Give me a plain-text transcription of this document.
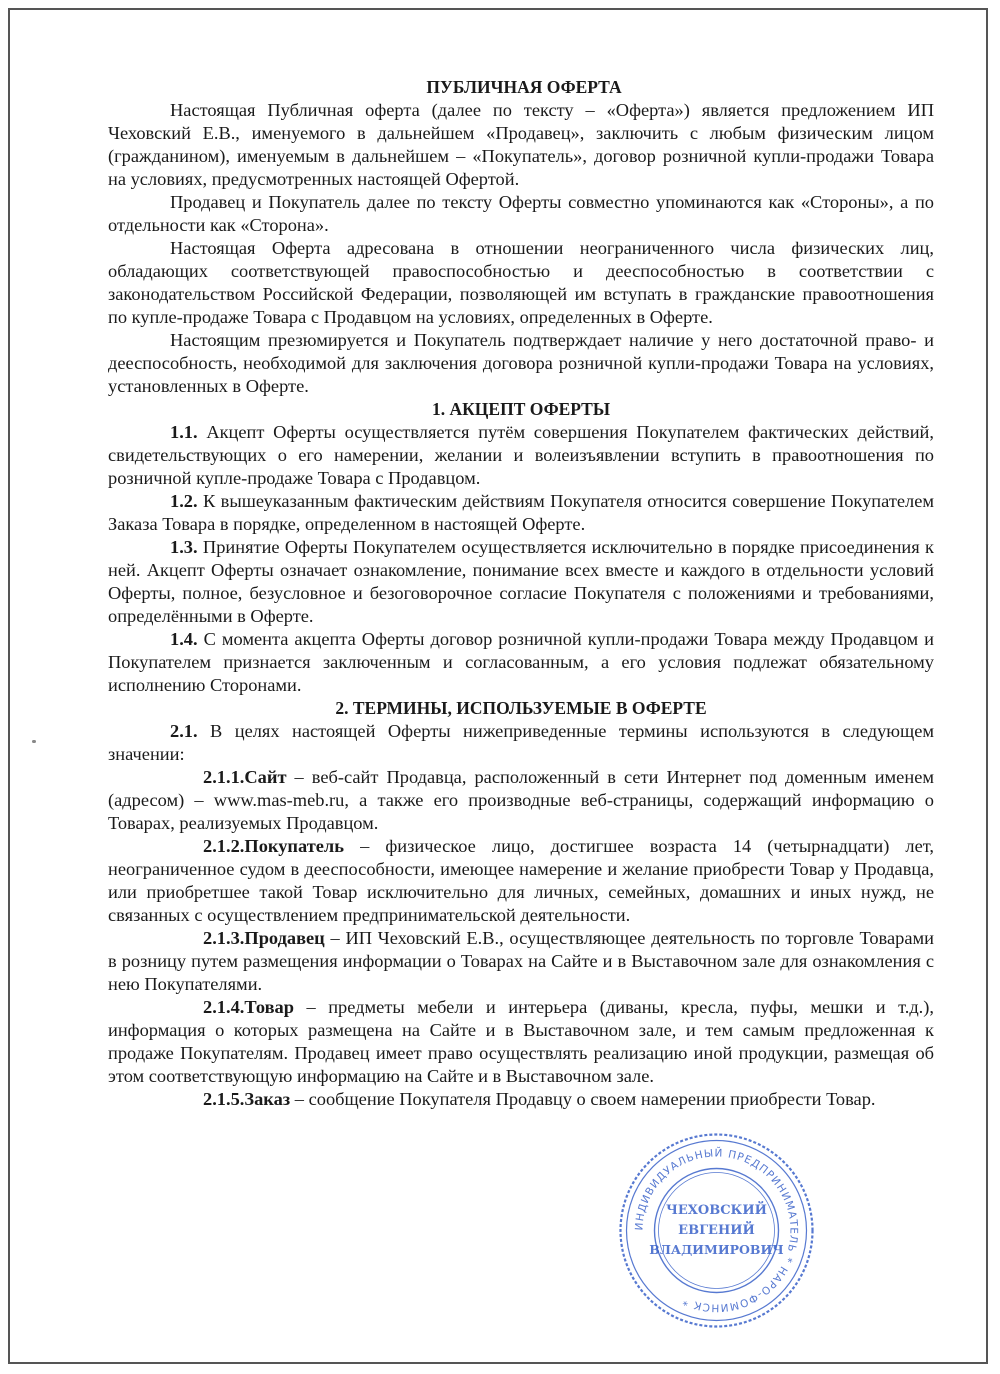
ПУБЛИЧНАЯ ОФЕРТА

Настоящая Публичная оферта (далее по тексту – «Оферта») является предложением ИП Чеховский Е.В., именуемого в дальнейшем «Продавец», заключить с любым физическим лицом (гражданином), именуемым в дальнейшем – «Покупатель», договор розничной купли-продажи Товара на условиях, предусмотренных настоящей Офертой.

Продавец и Покупатель далее по тексту Оферты совместно упоминаются как «Стороны», а по отдельности как «Сторона».

Настоящая Оферта адресована в отношении неограниченного числа физических лиц, обладающих соответствующей правоспособностью и дееспособностью в соответствии с законодательством Российской Федерации, позволяющей им вступать в гражданские правоотношения по купле-продаже Товара с Продавцом на условиях, определенных в Оферте.

Настоящим презюмируется и Покупатель подтверждает наличие у него достаточной право- и дееспособность, необходимой для заключения договора розничной купли-продажи Товара на условиях, установленных в Оферте.

1. АКЦЕПТ ОФЕРТЫ

1.1. Акцепт Оферты осуществляется путём совершения Покупателем фактических действий, свидетельствующих о его намерении, желании и волеизъявлении вступить в правоотношения по розничной купле-продаже Товара с Продавцом.

1.2. К вышеуказанным фактическим действиям Покупателя относится совершение Покупателем Заказа Товара в порядке, определенном в настоящей Оферте.

1.3. Принятие Оферты Покупателем осуществляется исключительно в порядке присоединения к ней. Акцепт Оферты означает ознакомление, понимание всех вместе и каждого в отдельности условий Оферты, полное, безусловное и безоговорочное согласие Покупателя с положениями и требованиями, определёнными в Оферте.

1.4. С момента акцепта Оферты договор розничной купли-продажи Товара между Продавцом и Покупателем признается заключенным и согласованным, а его условия подлежат обязательному исполнению Сторонами.

2. ТЕРМИНЫ, ИСПОЛЬЗУЕМЫЕ В ОФЕРТЕ

2.1. В целях настоящей Оферты нижеприведенные термины используются в следующем значении:

2.1.1.Сайт – веб-сайт Продавца, расположенный в сети Интернет под доменным именем (адресом) – www.mas-meb.ru, а также его производные веб-страницы, содержащий информацию о Товарах, реализуемых Продавцом.

2.1.2.Покупатель – физическое лицо, достигшее возраста 14 (четырнадцати) лет, неограниченное судом в дееспособности, имеющее намерение и желание приобрести Товар у Продавца, или приобретшее такой Товар исключительно для личных, семейных, домашних и иных нужд, не связанных с осуществлением предпринимательской деятельности.

2.1.3.Продавец – ИП Чеховский Е.В., осуществляющее деятельность по торговле Товарами в розницу путем размещения информации о Товарах на Сайте и в Выставочном зале для ознакомления с нею Покупателями.

2.1.4.Товар – предметы мебели и интерьера (диваны, кресла, пуфы, мешки и т.д.), информация о которых размещена на Сайте и в Выставочном зале, и тем самым предложенная к продаже Покупателям. Продавец имеет право осуществлять реализацию иной продукции, размещая об этом соответствующую информацию на Сайте и в Выставочном зале.

2.1.5.Заказ – сообщение Покупателя Продавцу о своем намерении приобрести Товар.

ИНДИВИДУАЛЬНЫЙ ПРЕДПРИНИМАТЕЛЬ * НАРО-ФОМИНСК *
ЧЕХОВСКИЙ
ЕВГЕНИЙ
ВЛАДИМИРОВИЧ
